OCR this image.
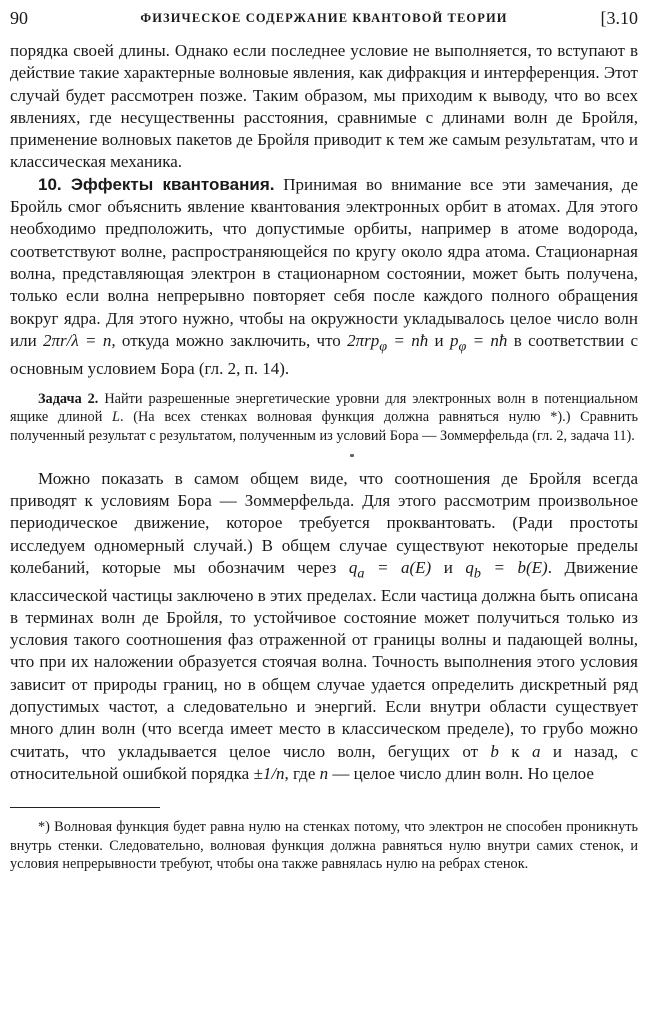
90	ФИЗИЧЕСКОЕ СОДЕРЖАНИЕ КВАНТОВОЙ ТЕОРИИ	[3.10

порядка своей длины. Однако если последнее условие не выполняется, то вступают в действие такие характерные волновые явления, как дифракция и интерференция. Этот случай будет рассмотрен позже. Таким образом, мы приходим к выводу, что во всех явлениях, где несущественны расстояния, сравнимые с длинами волн де Бройля, применение волновых пакетов де Бройля приводит к тем же самым результатам, что и классическая механика.

10. Эффекты квантования. Принимая во внимание все эти замечания, де Бройль смог объяснить явление квантования электронных орбит в атомах. Для этого необходимо предположить, что допустимые орбиты, например в атоме водорода, соответствуют волне, распространяющейся по кругу около ядра атома. Стационарная волна, представляющая электрон в стационарном состоянии, может быть получена, только если волна непрерывно повторяет себя после каждого полного обращения вокруг ядра. Для этого нужно, чтобы на окружности укладывалось целое число волн или 2πr/λ = n, откуда можно заключить, что 2πrp$_\varphi$ = nħ и $p_\varphi$ = nħ в соответствии с основным условием Бора (гл. 2, п. 14).

Задача 2. Найти разрешенные энергетические уровни для электронных волн в потенциальном ящике длиной L. (На всех стенках волновая функция должна равняться нулю *).) Сравнить полученный результат с результатом, полученным из условий Бора — Зоммерфельда (гл. 2, задача 11).

Можно показать в самом общем виде, что соотношения де Бройля всегда приводят к условиям Бора — Зоммерфельда. Для этого рассмотрим произвольное периодическое движение, которое требуется проквантовать. (Ради простоты исследуем одномерный случай.) В общем случае существуют некоторые пределы колебаний, которые мы обозначим через $q_a = a(E)$ и $q_b = b(E)$. Движение классической частицы заключено в этих пределах. Если частица должна быть описана в терминах волн де Бройля, то устойчивое состояние может получиться только из условия такого соотношения фаз отраженной от границы волны и падающей волны, что при их наложении образуется стоячая волна. Точность выполнения этого условия зависит от природы границ, но в общем случае удается определить дискретный ряд допустимых частот, а следовательно и энергий. Если внутри области существует много длин волн (что всегда имеет место в классическом пределе), то грубо можно считать, что укладывается целое число волн, бегущих от b к a и назад, с относительной ошибкой порядка ±1/n, где n — целое число длин волн. Но целое

*) Волновая функция будет равна нулю на стенках потому, что электрон не способен проникнуть внутрь стенки. Следовательно, волновая функция должна равняться нулю внутри самих стенок, и условия непрерывности требуют, чтобы она также равнялась нулю на ребрах стенок.
